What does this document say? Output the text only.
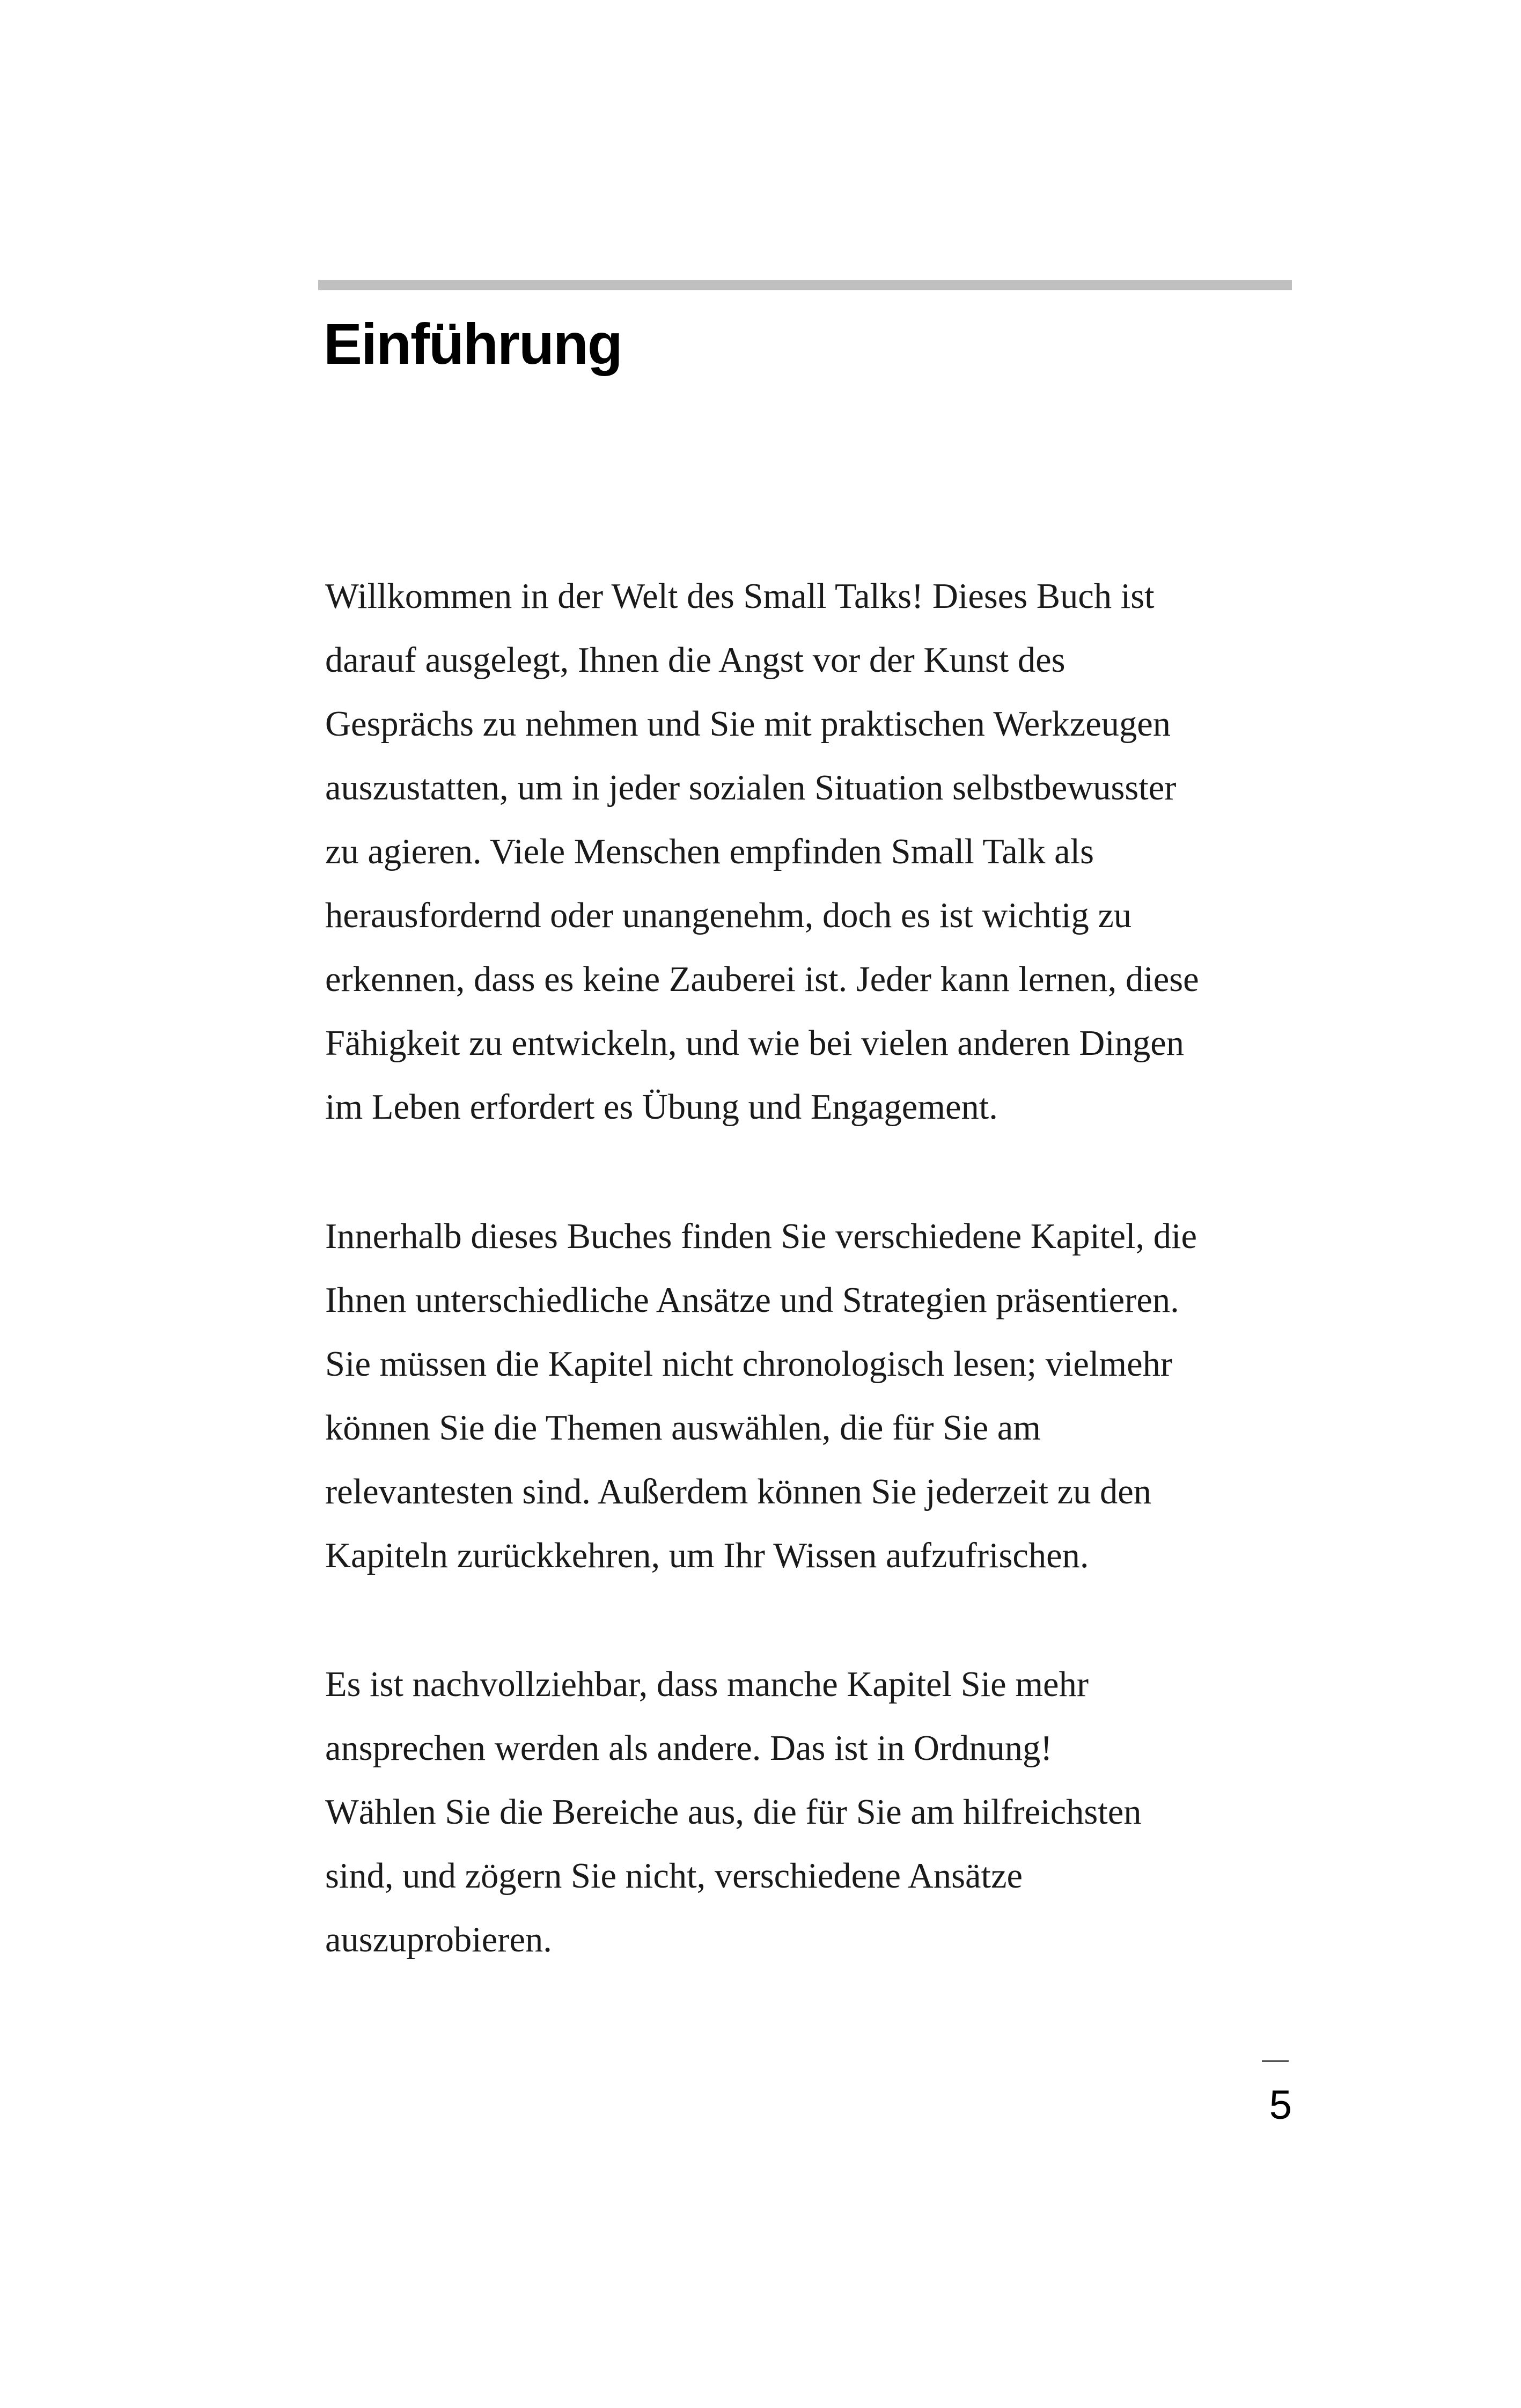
Einführung
Willkommen in der Welt des Small Talks! Dieses Buch ist
darauf ausgelegt, Ihnen die Angst vor der Kunst des
Gesprächs zu nehmen und Sie mit praktischen Werkzeugen
auszustatten, um in jeder sozialen Situation selbstbewusster
zu agieren. Viele Menschen empfinden Small Talk als
herausfordernd oder unangenehm, doch es ist wichtig zu
erkennen, dass es keine Zauberei ist. Jeder kann lernen, diese
Fähigkeit zu entwickeln, und wie bei vielen anderen Dingen
im Leben erfordert es Übung und Engagement.
Innerhalb dieses Buches finden Sie verschiedene Kapitel, die
Ihnen unterschiedliche Ansätze und Strategien präsentieren.
Sie müssen die Kapitel nicht chronologisch lesen; vielmehr
können Sie die Themen auswählen, die für Sie am
relevantesten sind. Außerdem können Sie jederzeit zu den
Kapiteln zurückkehren, um Ihr Wissen aufzufrischen.
Es ist nachvollziehbar, dass manche Kapitel Sie mehr
ansprechen werden als andere. Das ist in Ordnung!
Wählen Sie die Bereiche aus, die für Sie am hilfreichsten
sind, und zögern Sie nicht, verschiedene Ansätze
auszuprobieren.
5
